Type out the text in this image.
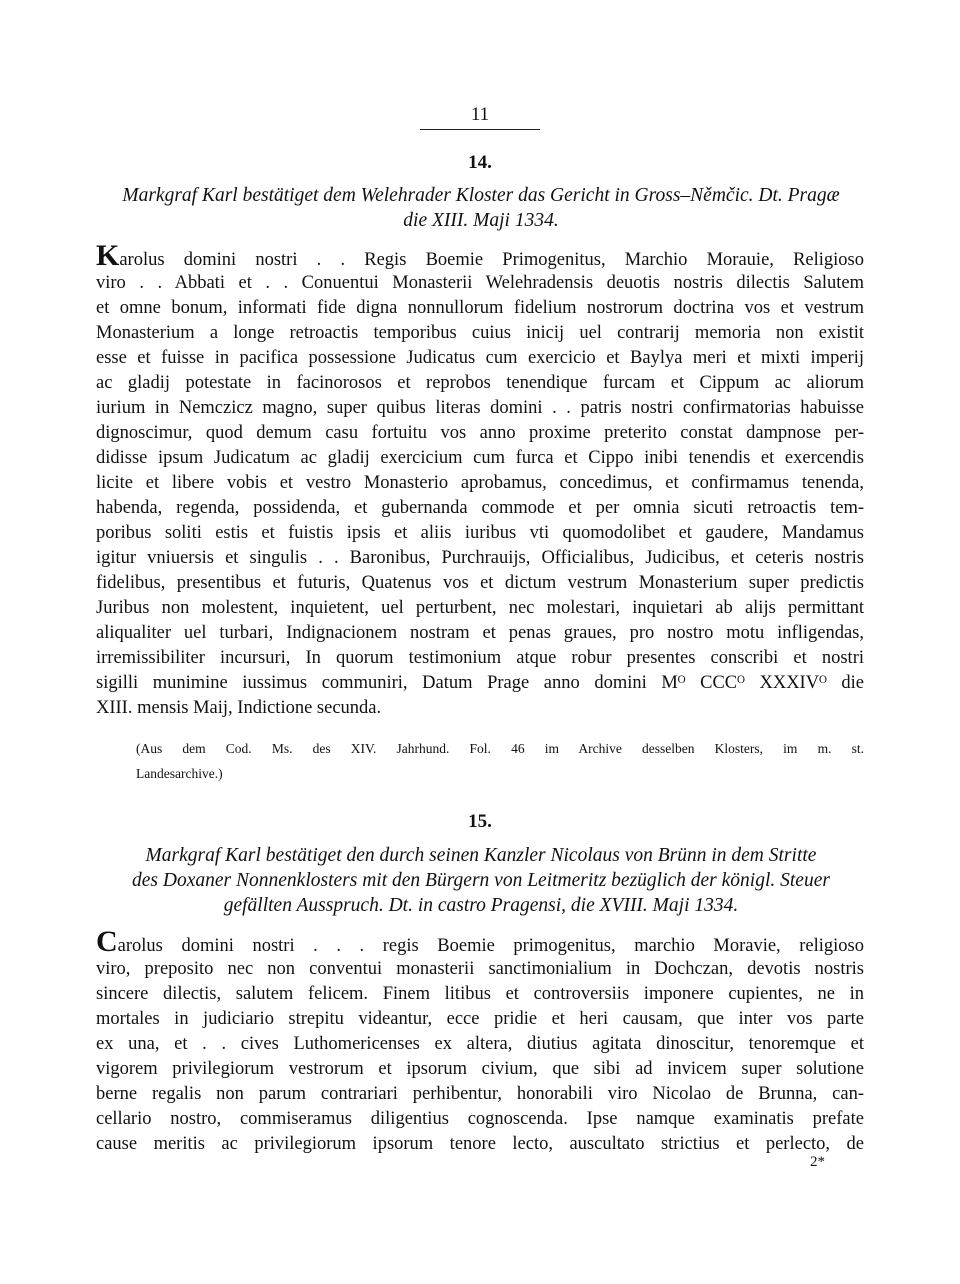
11
14.
Markgraf Karl bestätiget dem Welehrader Kloster das Gericht in Gross–Němčic. Dt. Pragæ
die XIII. Maji 1334.
Karolus domini nostri . . Regis Boemie Primogenitus, Marchio Morauie, Religioso
viro . . Abbati et . . Conuentui Monasterii Welehradensis deuotis nostris dilectis Salutem
et omne bonum, informati fide digna nonnullorum fidelium nostrorum doctrina vos et vestrum
Monasterium a longe retroactis temporibus cuius inicij uel contrarij memoria non existit
esse et fuisse in pacifica possessione Judicatus cum exercicio et Baylya meri et mixti imperij
ac gladij potestate in facinorosos et reprobos tenendique furcam et Cippum ac aliorum
iurium in Nemczicz magno, super quibus literas domini . . patris nostri confirmatorias habuisse
dignoscimur, quod demum casu fortuitu vos anno proxime preterito constat dampnose per-
didisse ipsum Judicatum ac gladij exercicium cum furca et Cippo inibi tenendis et exercendis
licite et libere vobis et vestro Monasterio aprobamus, concedimus, et confirmamus tenenda,
habenda, regenda, possidenda, et gubernanda commode et per omnia sicuti retroactis tem-
poribus soliti estis et fuistis ipsis et aliis iuribus vti quomodolibet et gaudere, Mandamus
igitur vniuersis et singulis . . Baronibus, Purchrauijs, Officialibus, Judicibus, et ceteris nostris
fidelibus, presentibus et futuris, Quatenus vos et dictum vestrum Monasterium super predictis
Juribus non molestent, inquietent, uel perturbent, nec molestari, inquietari ab alijs permittant
aliqualiter uel turbari, Indignacionem nostram et penas graues, pro nostro motu infligendas,
irremissibiliter incursuri, In quorum testimonium atque robur presentes conscribi et nostri
sigilli munimine iussimus communiri, Datum Prage anno domini Mᴼ CCCᴼ XXXIVᴼ die
XIII. mensis Maij, Indictione secunda.
(Aus dem Cod. Ms. des XIV. Jahrhund. Fol. 46 im Archive desselben Klosters, im m. st.
Landesarchive.)
15.
Markgraf Karl bestätiget den durch seinen Kanzler Nicolaus von Brünn in dem Stritte
des Doxaner Nonnenklosters mit den Bürgern von Leitmeritz bezüglich der königl. Steuer
gefällten Ausspruch. Dt. in castro Pragensi, die XVIII. Maji 1334.
Carolus domini nostri . . . regis Boemie primogenitus, marchio Moravie, religioso
viro, preposito nec non conventui monasterii sanctimonialium in Dochczan, devotis nostris
sincere dilectis, salutem felicem. Finem litibus et controversiis imponere cupientes, ne in
mortales in judiciario strepitu videantur, ecce pridie et heri causam, que inter vos parte
ex una, et . . cives Luthomericenses ex altera, diutius agitata dinoscitur, tenoremque et
vigorem privilegiorum vestrorum et ipsorum civium, que sibi ad invicem super solutione
berne regalis non parum contrariari perhibentur, honorabili viro Nicolao de Brunna, can-
cellario nostro, commiseramus diligentius cognoscenda. Ipse namque examinatis prefate
cause meritis ac privilegiorum ipsorum tenore lecto, auscultato strictius et perlecto, de
2*
